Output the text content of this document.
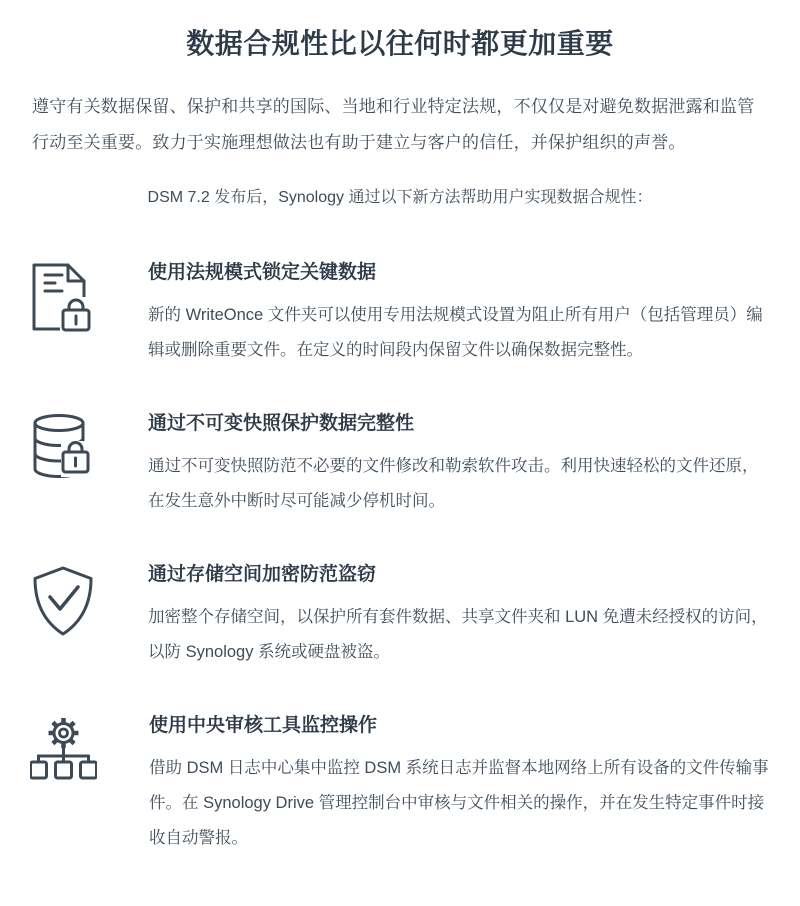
数据合规性比以往何时都更加重要

遵守有关数据保留、保护和共享的国际、当地和行业特定法规，不仅仅是对避免数据泄露和监管行动至关重要。致力于实施理想做法也有助于建立与客户的信任，并保护组织的声誉。

DSM 7.2 发布后，Synology 通过以下新方法帮助用户实现数据合规性：

使用法规模式锁定关键数据

新的 WriteOnce 文件夹可以使用专用法规模式设置为阻止所有用户（包括管理员）编辑或删除重要文件。在定义的时间段内保留文件以确保数据完整性。

通过不可变快照保护数据完整性

通过不可变快照防范不必要的文件修改和勒索软件攻击。利用快速轻松的文件还原，在发生意外中断时尽可能减少停机时间。

通过存储空间加密防范盗窃

加密整个存储空间，以保护所有套件数据、共享文件夹和 LUN 免遭未经授权的访问，以防 Synology 系统或硬盘被盗。

使用中央审核工具监控操作

借助 DSM 日志中心集中监控 DSM 系统日志并监督本地网络上所有设备的文件传输事件。在 Synology Drive 管理控制台中审核与文件相关的操作，并在发生特定事件时接收自动警报。
